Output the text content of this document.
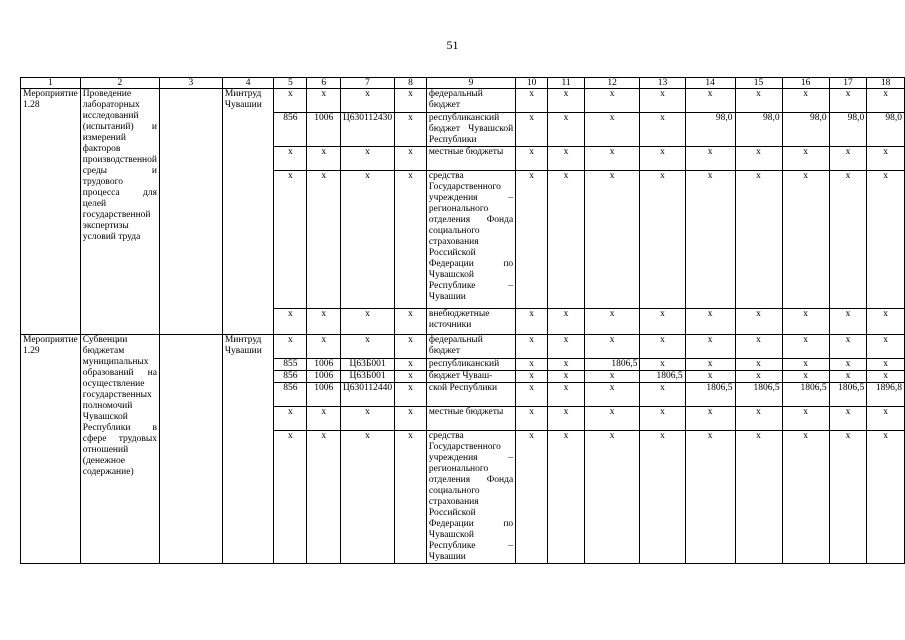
51
1	2	3	4	5	6	7	8	9	10	11	12	13	14	15	16	17	18
Мероприятие 1.28	Проведение лабораторных исследований (испытаний) и измерений факторов производственной среды и трудового процесса для целей государственной экспертизы условий труда		Минтруд Чувашии	x	x	x	x	федеральный бюджет	x	x	x	x	x	x	x	x	x
				856	1006	Ц630112430	x	республиканский бюджет Чувашской Республики	x	x	x	x	98,0	98,0	98,0	98,0	98,0
				x	x	x	x	местные бюджеты	x	x	x	x	x	x	x	x	x
				x	x	x	x	средства Государственного учреждения – регионального отделения Фонда социального страхования Российской Федерации по Чувашской Республике – Чувашии	x	x	x	x	x	x	x	x	x
				x	x	x	x	внебюджетные источники	x	x	x	x	x	x	x	x	x
Мероприятие 1.29	Субвенции бюджетам муниципальных образований на осуществление государственных полномочий Чувашской Республики в сфере трудовых отношений (денежное содержание)		Минтруд Чувашии	x	x	x	x	федеральный бюджет	x	x	x	x	x	x	x	x	x
				855	1006	Ц63Б001	x	республиканский	x	x	1806,5	x	x	x	x	x	x
				856	1006	Ц63Б001	x	бюджет Чуваш-	x	x	x	1806,5	x	x	x	x	x
				856	1006	Ц630112440	x	ской Республики	x	x	x	x	1806,5	1806,5	1806,5	1806,5	1896,8
				x	x	x	x	местные бюджеты	x	x	x	x	x	x	x	x	x
				x	x	x	x	средства Государственного учреждения – регионального отделения Фонда социального страхования Российской Федерации по Чувашской Республике – Чувашии	x	x	x	x	x	x	x	x	x
